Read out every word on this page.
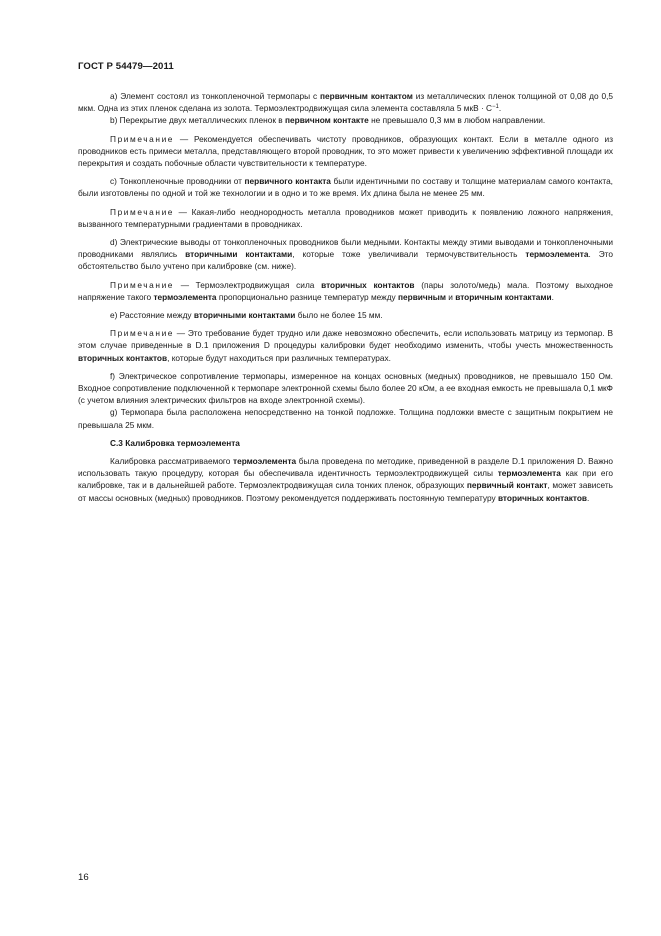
ГОСТ Р 54479—2011

a) Элемент состоял из тонкопленочной термопары с первичным контактом из металлических пленок толщиной от 0,08 до 0,5 мкм. Одна из этих пленок сделана из золота. Термоэлектродвижущая сила элемента составляла 5 мкВ · $С^{-1}$.

b) Перекрытие двух металлических пленок в первичном контакте не превышало 0,3 мм в любом направлении.

Примечание — Рекомендуется обеспечивать чистоту проводников, образующих контакт. Если в металле одного из проводников есть примеси металла, представляющего второй проводник, то это может привести к увеличению эффективной площади их перекрытия и создать побочные области чувствительности к температуре.

c) Тонкопленочные проводники от первичного контакта были идентичными по составу и толщине материалам самого контакта, были изготовлены по одной и той же технологии и в одно и то же время. Их длина была не менее 25 мм.

Примечание — Какая-либо неоднородность металла проводников может приводить к появлению ложного напряжения, вызванного температурными градиентами в проводниках.

d) Электрические выводы от тонкопленочных проводников были медными. Контакты между этими выводами и тонкопленочными проводниками являлись вторичными контактами, которые тоже увеличивали термочувствительность термоэлемента. Это обстоятельство было учтено при калибровке (см. ниже).

Примечание — Термоэлектродвижущая сила вторичных контактов (пары золото/медь) мала. Поэтому выходное напряжение такого термоэлемента пропорционально разнице температур между первичным и вторичным контактами.

e) Расстояние между вторичными контактами было не более 15 мм.

Примечание — Это требование будет трудно или даже невозможно обеспечить, если использовать матрицу из термопар. В этом случае приведенные в D.1 приложения D процедуры калибровки будет необходимо изменить, чтобы учесть множественность вторичных контактов, которые будут находиться при различных температурах.

f) Электрическое сопротивление термопары, измеренное на концах основных (медных) проводников, не превышало 150 Ом. Входное сопротивление подключенной к термопаре электронной схемы было более 20 кОм, а ее входная емкость не превышала 0,1 мкФ (с учетом влияния электрических фильтров на входе электронной схемы).

g) Термопара была расположена непосредственно на тонкой подложке. Толщина подложки вместе с защитным покрытием не превышала 25 мкм.

С.3 Калибровка термоэлемента

Калибровка рассматриваемого термоэлемента была проведена по методике, приведенной в разделе D.1 приложения D. Важно использовать такую процедуру, которая бы обеспечивала идентичность термоэлектродвижущей силы термоэлемента как при его калибровке, так и в дальнейшей работе. Термоэлектродвижущая сила тонких пленок, образующих первичный контакт, может зависеть от массы основных (медных) проводников. Поэтому рекомендуется поддерживать постоянную температуру вторичных контактов.

16
